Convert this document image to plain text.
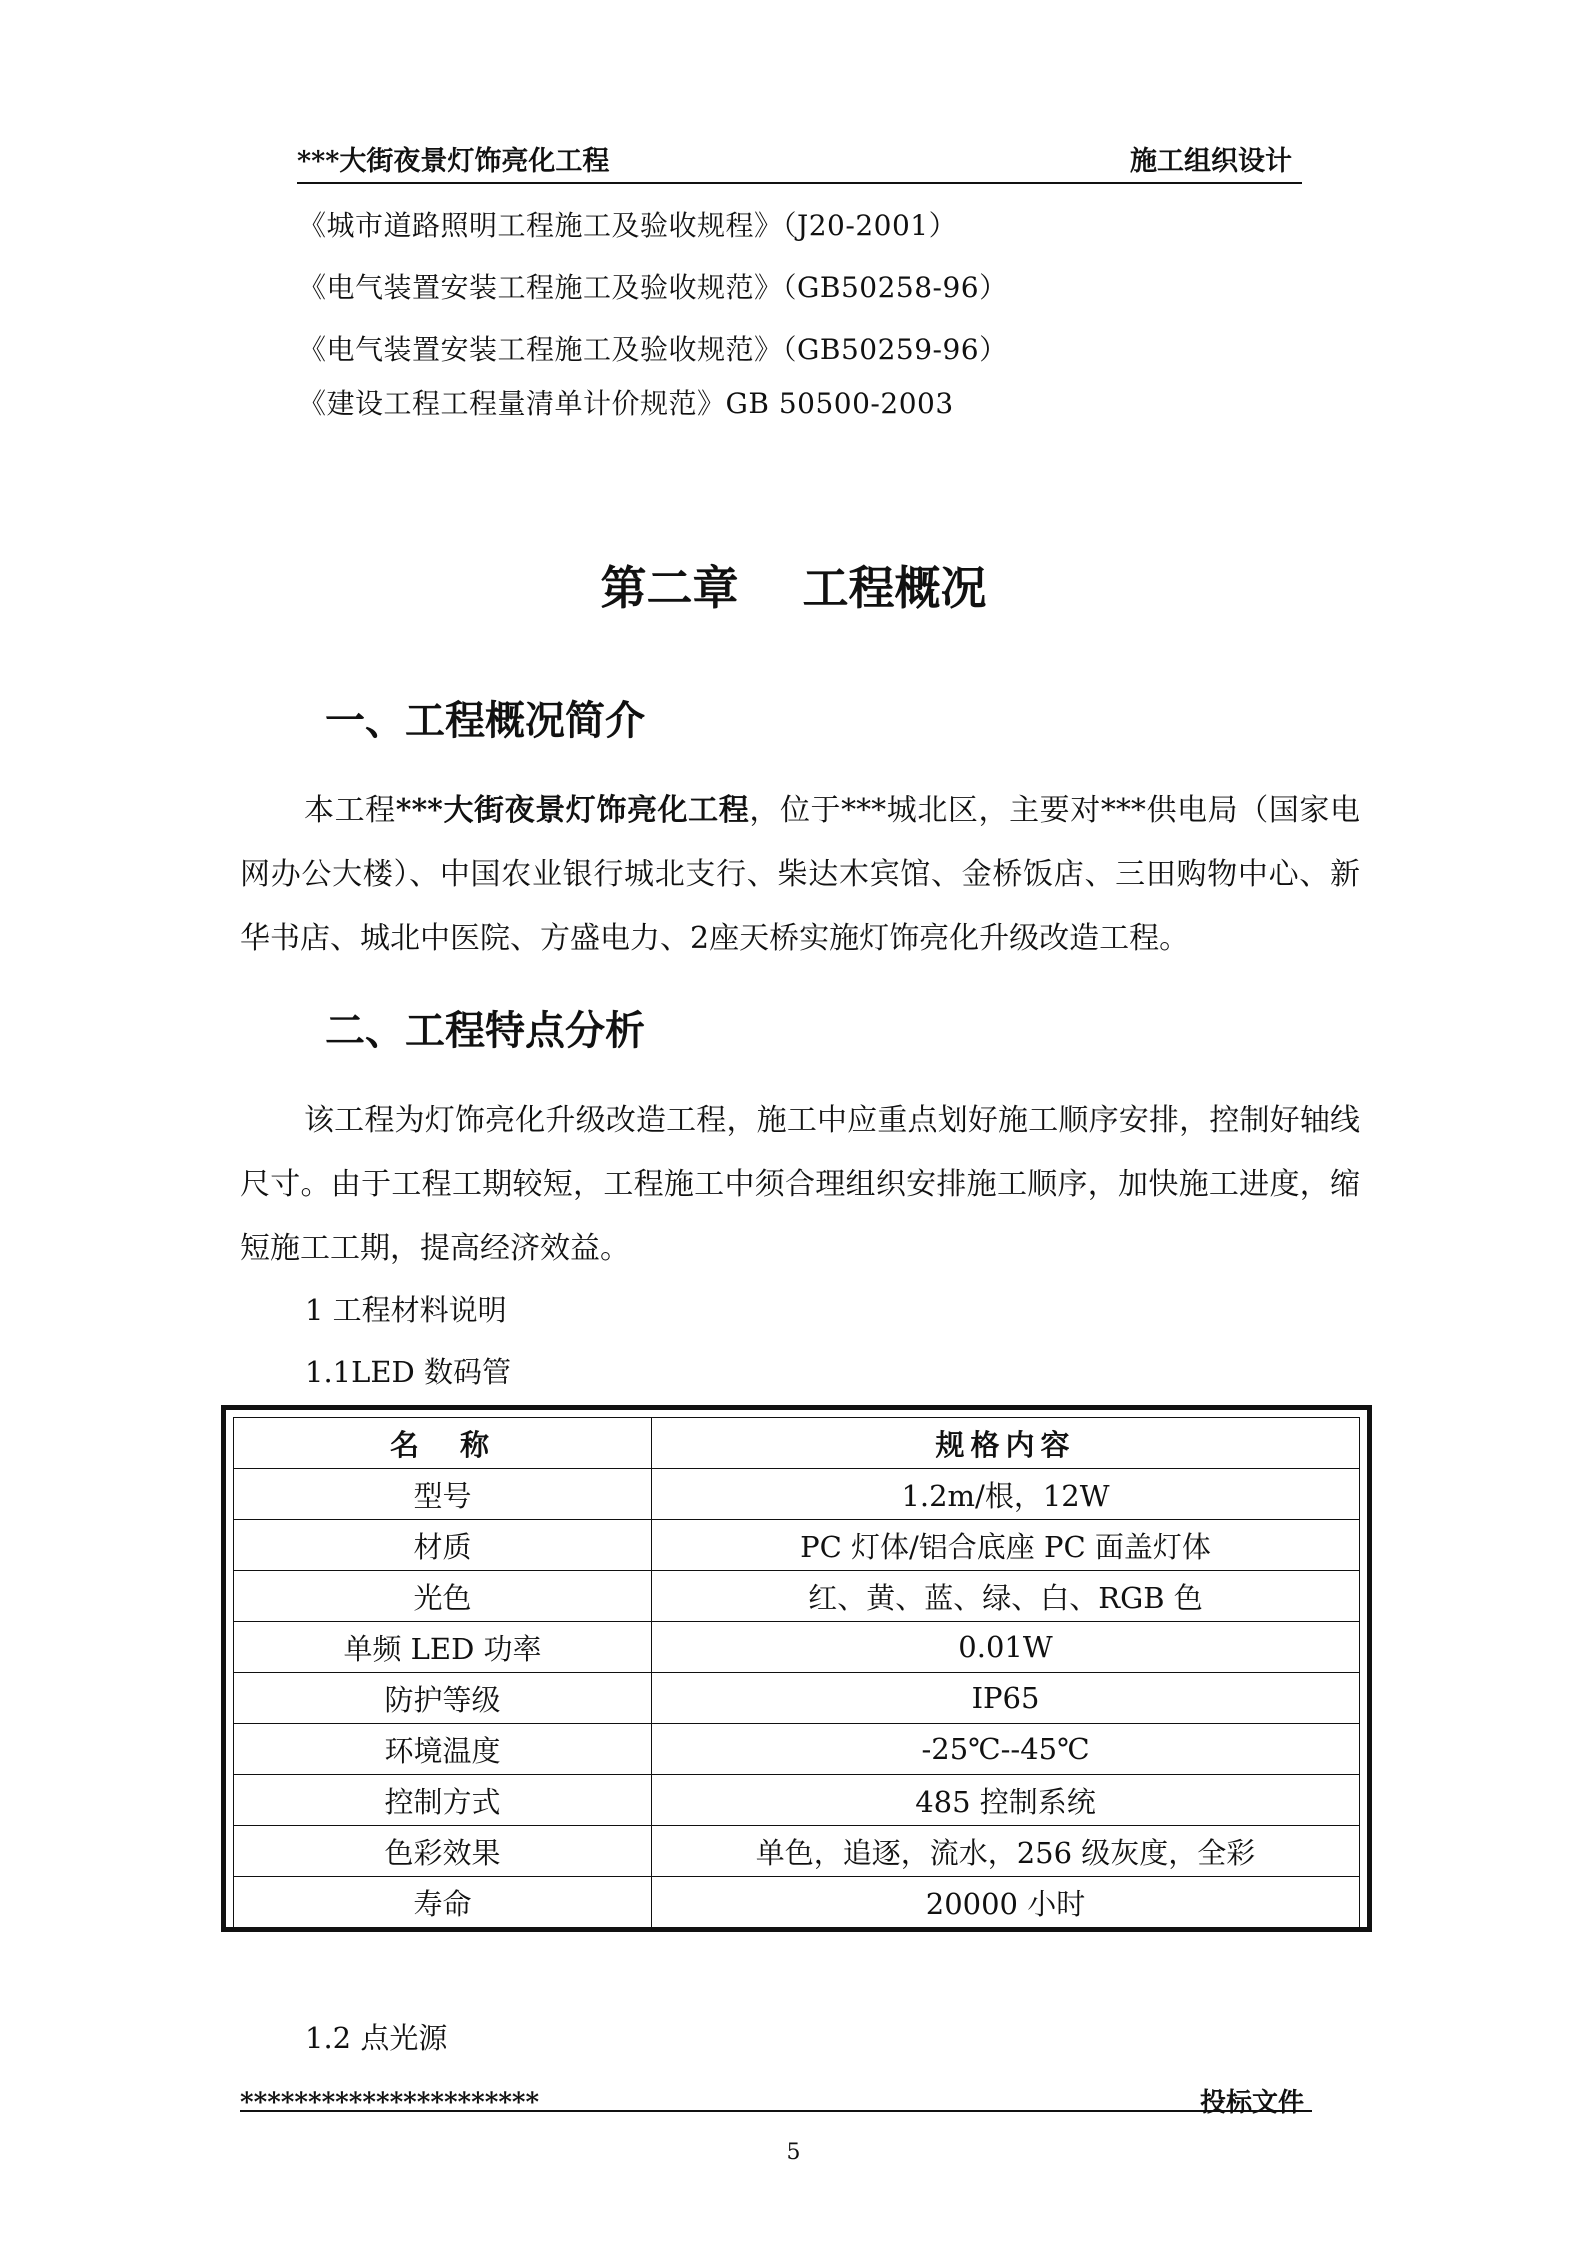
***大街夜景灯饰亮化工程	施工组织设计
《城市道路照明工程施工及验收规程》（J20-2001）
《电气装置安装工程施工及验收规范》（GB50258-96）
《电气装置安装工程施工及验收规范》（GB50259-96）
《建设工程工程量清单计价规范》GB 50500-2003
第二章    工程概况
一、工程概况简介

本工程***大街夜景灯饰亮化工程，位于***城北区，主要对***供电局（国家电网办公大楼）、中国农业银行城北支行、柴达木宾馆、金桥饭店、三田购物中心、新华书店、城北中医院、方盛电力、2座天桥实施灯饰亮化升级改造工程。

二、工程特点分析

该工程为灯饰亮化升级改造工程，施工中应重点划好施工顺序安排，控制好轴线尺寸。由于工程工期较短，工程施工中须合理组织安排施工顺序，加快施工进度，缩短施工工期，提高经济效益。

1 工程材料说明
1.1LED 数码管
名　称	规格内容
型号	1.2m/根，12W
材质	PC 灯体/铝合底座 PC 面盖灯体
光色	红、黄、蓝、绿、白、RGB 色
单频 LED 功率	0.01W
防护等级	IP65
环境温度	-25℃--45℃
控制方式	485 控制系统
色彩效果	单色，追逐，流水，256 级灰度，全彩
寿命	20000 小时
1.2 点光源
**********************	投标文件
5
